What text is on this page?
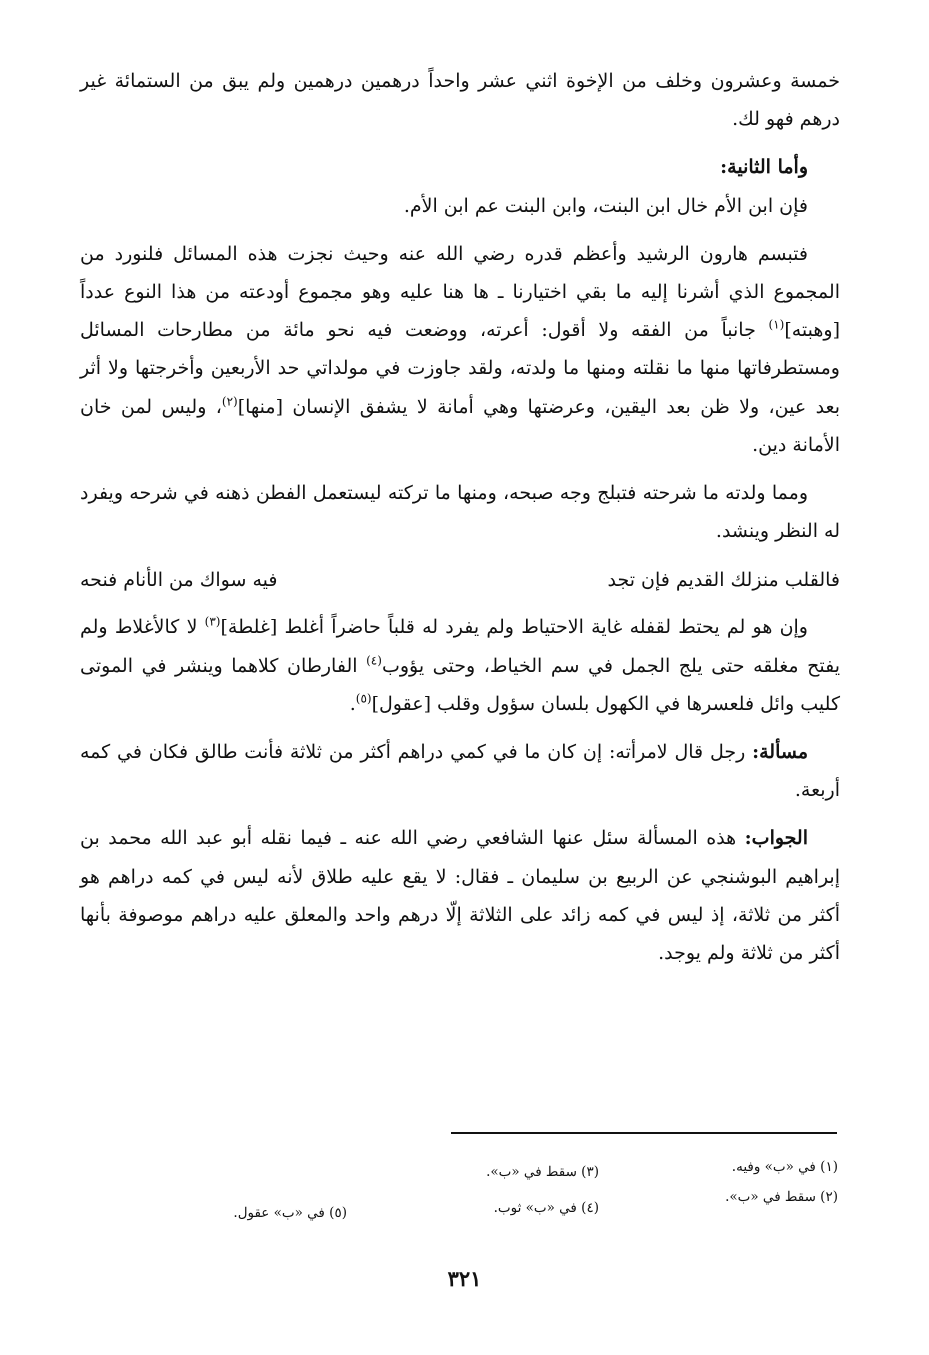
خمسة وعشرون وخلف من الإخوة اثني عشر واحداً درهمين درهمين ولم يبق من الستمائة غير درهم فهو لك.

وأما الثانية:

فإن ابن الأم خال ابن البنت، وابن البنت عم ابن الأم.

فتبسم هارون الرشيد وأعظم قدره رضي الله عنه وحيث نجزت هذه المسائل فلنورد من المجموع الذي أشرنا إليه ما بقي اختيارنا ـ ها هنا عليه وهو مجموع أودعته من هذا النوع عدداً [وهبته]$^{(١)}$ جانباً من الفقه ولا أقول: أعرته، ووضعت فيه نحو مائة من مطارحات المسائل ومستطرفاتها منها ما نقلته ومنها ما ولدته، ولقد جاوزت في مولداتي حد الأربعين وأخرجتها ولا أثر بعد عين، ولا ظن بعد اليقين، وعرضتها وهي أمانة لا يشفق الإنسان [منها]$^{(٢)}$، وليس لمن خان الأمانة دين.

ومما ولدته ما شرحته فتبلج وجه صبحه، ومنها ما تركته ليستعمل الفطن ذهنه في شرحه ويفرد له النظر وينشد.

فالقلب منزلك القديم فإن تجد
فيه سواك من الأنام فنحه

وإن هو لم يحتط لقفله غاية الاحتياط ولم يفرد له قلباً حاضراً أغلط [غلطة]$^{(٣)}$ لا كالأغلاط ولم يفتح مغلقه حتى يلج الجمل في سم الخياط، وحتى يؤوب$^{(٤)}$ الفارطان كلاهما وينشر في الموتى كليب وائل فلعسرها في الكهول بلسان سؤول وقلب [عقول]$^{(٥)}$.

مسألة: رجل قال لامرأته: إن كان ما في كمي دراهم أكثر من ثلاثة فأنت طالق فكان في كمه أربعة.

الجواب: هذه المسألة سئل عنها الشافعي رضي الله عنه ـ فيما نقله أبو عبد الله محمد بن إبراهيم البوشنجي عن الربيع بن سليمان ـ فقال: لا يقع عليه طلاق لأنه ليس في كمه دراهم هو أكثر من ثلاثة، إذ ليس في كمه زائد على الثلاثة إلّا درهم واحد والمعلق عليه دراهم موصوفة بأنها أكثر من ثلاثة ولم يوجد.

(١) في «ب» وفيه.
(٢) سقط في «ب».
(٣) سقط في «ب».
(٤) في «ب» ثوب.
(٥) في «ب» عقول.
٣٢١
